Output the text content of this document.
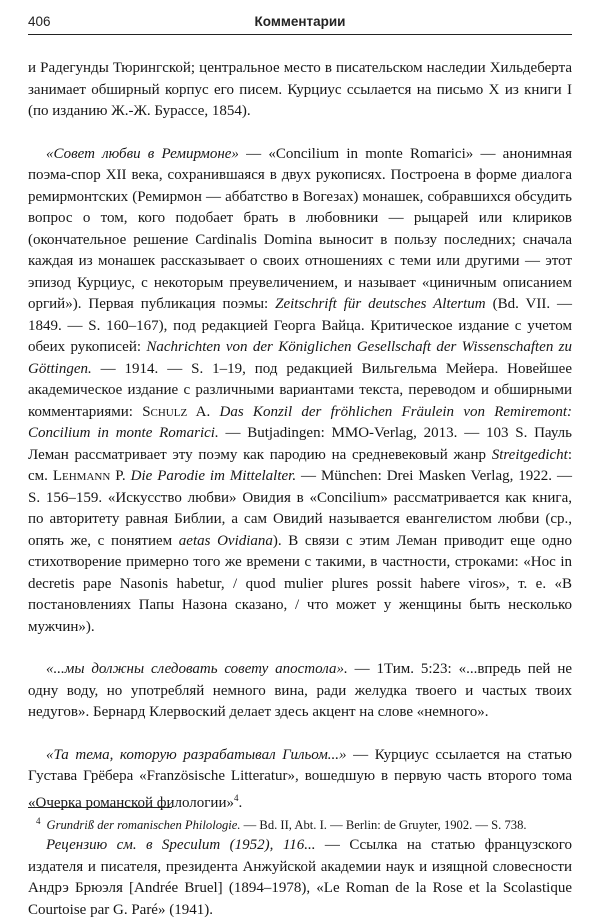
406	Комментарии

и Радегунды Тюрингской; центральное место в писательском наследии Хильдеберта занимает обширный корпус его писем. Курциус ссылается на письмо X из книги I (по изданию Ж.-Ж. Бурассе, 1854).

«Совет любви в Ремирмоне» — «Concilium in monte Romarici» — анонимная поэма-спор XII века, сохранившаяся в двух рукописях. Построена в форме диалога ремирмонтских (Ремирмон — аббатство в Вогезах) монашек, собравшихся обсудить вопрос о том, кого подобает брать в любовники — рыцарей или клириков (окончательное решение Cardinalis Domina выносит в пользу последних; сначала каждая из монашек рассказывает о своих отношениях с теми или другими — этот эпизод Курциус, с некоторым преувеличением, и называет «циничным описанием оргий»). Первая публикация поэмы: Zeitschrift für deutsches Altertum (Bd. VII. — 1849. — S. 160–167), под редакцией Георга Вайца. Критическое издание с учетом обеих рукописей: Nachrichten von der Königlichen Gesellschaft der Wissenschaften zu Göttingen. — 1914. — S. 1–19, под редакцией Вильгельма Мейера. Новейшее академическое издание с различными вариантами текста, переводом и обширными комментариями: Schulz A. Das Konzil der fröhlichen Fräulein von Remiremont: Concilium in monte Romarici. — Butjadingen: MMO-Verlag, 2013. — 103 S. Пауль Леман рассматривает эту поэму как пародию на средневековый жанр Streitgedicht: см. Lehmann P. Die Parodie im Mittelalter. — München: Drei Masken Verlag, 1922. — S. 156–159. «Искусство любви» Овидия в «Concilium» рассматривается как книга, по авторитету равная Библии, а сам Овидий называется евангелистом любви (ср., опять же, с понятием aetas Ovidiana). В связи с этим Леман приводит еще одно стихотворение примерно того же времени с такими, в частности, строками: «Hoc in decretis pape Nasonis habetur, / quod mulier plures possit habere viros», т. е. «В постановлениях Папы Назона сказано, / что может у женщины быть несколько мужчин»).

«...мы должны следовать совету апостола». — 1Тим. 5:23: «...впредь пей не одну воду, но употребляй немного вина, ради желудка твоего и частых твоих недугов». Бернард Клервоский делает здесь акцент на слове «немного».

«Та тема, которую разрабатывал Гильом...» — Курциус ссылается на статью Густава Грёбера «Französische Litteratur», вошедшую в первую часть второго тома «Очерка романской филологии»$^4$.

Рецензию см. в Speculum (1952), 116... — Ссылка на статью французского издателя и писателя, президента Анжуйской академии наук и изящной словесности Андрэ Брюэля [Andrée Bruel] (1894–1978), «Le Roman de la Rose et la Scolastique Courtoise par G. Paré» (1941).

$^4$ Grundriß der romanischen Philologie. — Bd. II, Abt. I. — Berlin: de Gruyter, 1902. — S. 738.
